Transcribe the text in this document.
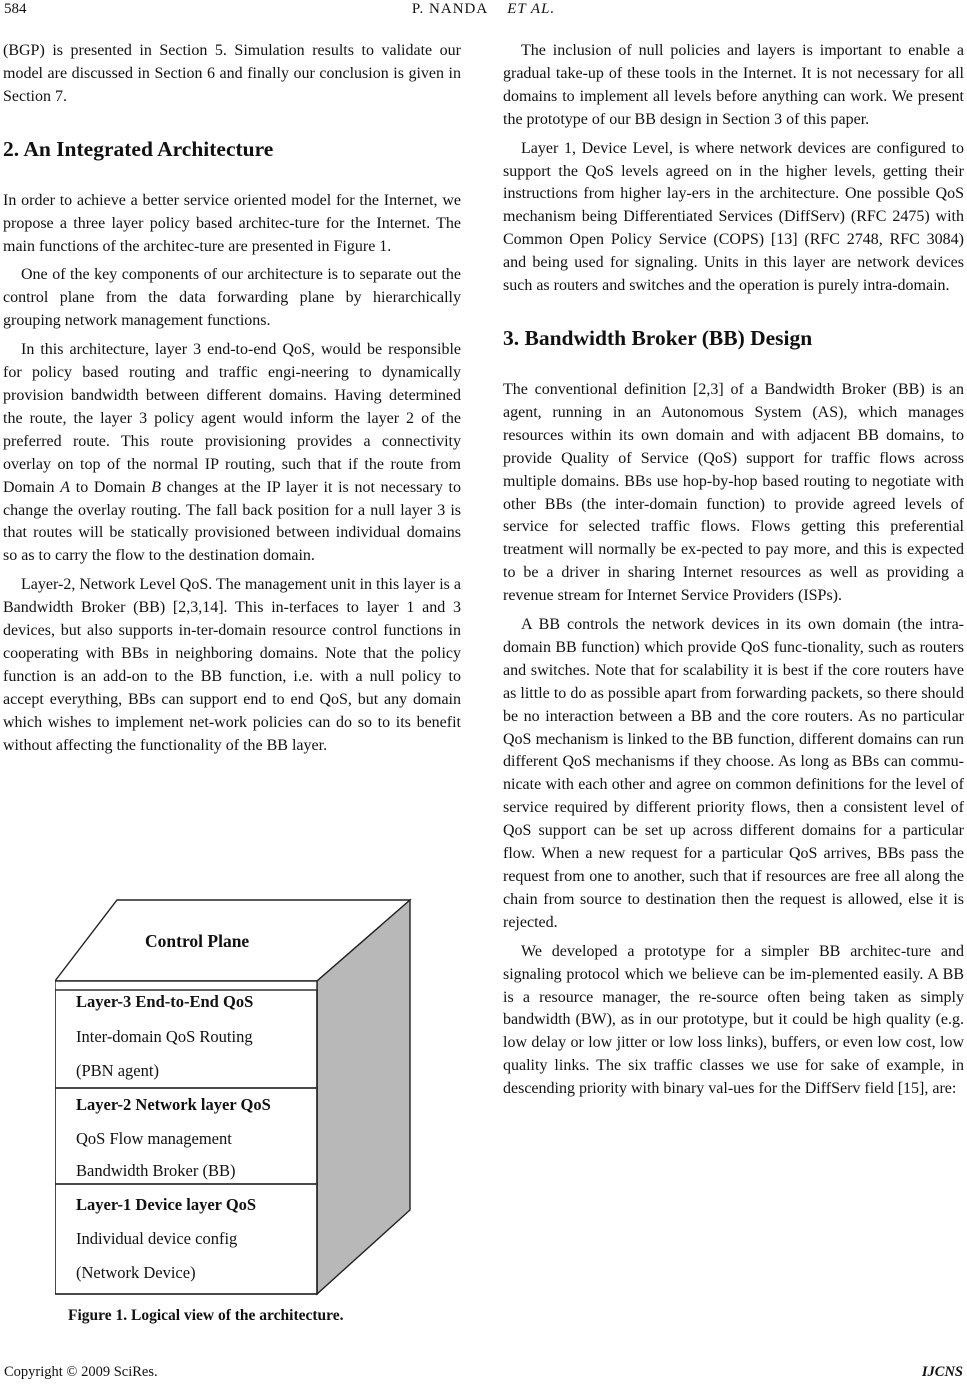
584	P. NANDA ET AL.

(BGP) is presented in Section 5. Simulation results to validate our model are discussed in Section 6 and finally our conclusion is given in Section 7.

2. An Integrated Architecture

In order to achieve a better service oriented model for the Internet, we propose a three layer policy based architec-ture for the Internet. The main functions of the architec-ture are presented in Figure 1.

One of the key components of our architecture is to separate out the control plane from the data forwarding plane by hierarchically grouping network management functions.

In this architecture, layer 3 end-to-end QoS, would be responsible for policy based routing and traffic engi-neering to dynamically provision bandwidth between different domains. Having determined the route, the layer 3 policy agent would inform the layer 2 of the preferred route. This route provisioning provides a connectivity overlay on top of the normal IP routing, such that if the route from Domain A to Domain B changes at the IP layer it is not necessary to change the overlay routing. The fall back position for a null layer 3 is that routes will be statically provisioned between individual domains so as to carry the flow to the destination domain.

Layer-2, Network Level QoS. The management unit in this layer is a Bandwidth Broker (BB) [2,3,14]. This in-terfaces to layer 1 and 3 devices, but also supports in-ter-domain resource control functions in cooperating with BBs in neighboring domains. Note that the policy function is an add-on to the BB function, i.e. with a null policy to accept everything, BBs can support end to end QoS, but any domain which wishes to implement net-work policies can do so to its benefit without affecting the functionality of the BB layer.

Control Plane
Layer-3 End-to-End QoS
Inter-domain QoS Routing
(PBN agent)
Layer-2 Network layer QoS
QoS Flow management
Bandwidth Broker (BB)
Layer-1 Device layer QoS
Individual device config
(Network Device)
Figure 1. Logical view of the architecture.

The inclusion of null policies and layers is important to enable a gradual take-up of these tools in the Internet. It is not necessary for all domains to implement all levels before anything can work. We present the prototype of our BB design in Section 3 of this paper.

Layer 1, Device Level, is where network devices are configured to support the QoS levels agreed on in the higher levels, getting their instructions from higher lay-ers in the architecture. One possible QoS mechanism being Differentiated Services (DiffServ) (RFC 2475) with Common Open Policy Service (COPS) [13] (RFC 2748, RFC 3084) and being used for signaling. Units in this layer are network devices such as routers and switches and the operation is purely intra-domain.

3. Bandwidth Broker (BB) Design

The conventional definition [2,3] of a Bandwidth Broker (BB) is an agent, running in an Autonomous System (AS), which manages resources within its own domain and with adjacent BB domains, to provide Quality of Service (QoS) support for traffic flows across multiple domains. BBs use hop-by-hop based routing to negotiate with other BBs (the inter-domain function) to provide agreed levels of service for selected traffic flows. Flows getting this preferential treatment will normally be ex-pected to pay more, and this is expected to be a driver in sharing Internet resources as well as providing a revenue stream for Internet Service Providers (ISPs).

A BB controls the network devices in its own domain (the intra-domain BB function) which provide QoS func-tionality, such as routers and switches. Note that for scalability it is best if the core routers have as little to do as possible apart from forwarding packets, so there should be no interaction between a BB and the core routers. As no particular QoS mechanism is linked to the BB function, different domains can run different QoS mechanisms if they choose. As long as BBs can commu-nicate with each other and agree on common definitions for the level of service required by different priority flows, then a consistent level of QoS support can be set up across different domains for a particular flow. When a new request for a particular QoS arrives, BBs pass the request from one to another, such that if resources are free all along the chain from source to destination then the request is allowed, else it is rejected.

We developed a prototype for a simpler BB architec-ture and signaling protocol which we believe can be im-plemented easily. A BB is a resource manager, the re-source often being taken as simply bandwidth (BW), as in our prototype, but it could be high quality (e.g. low delay or low jitter or low loss links), buffers, or even low cost, low quality links. The six traffic classes we use for sake of example, in descending priority with binary val-ues for the DiffServ field [15], are:

Copyright © 2009 SciRes.	IJCNS
